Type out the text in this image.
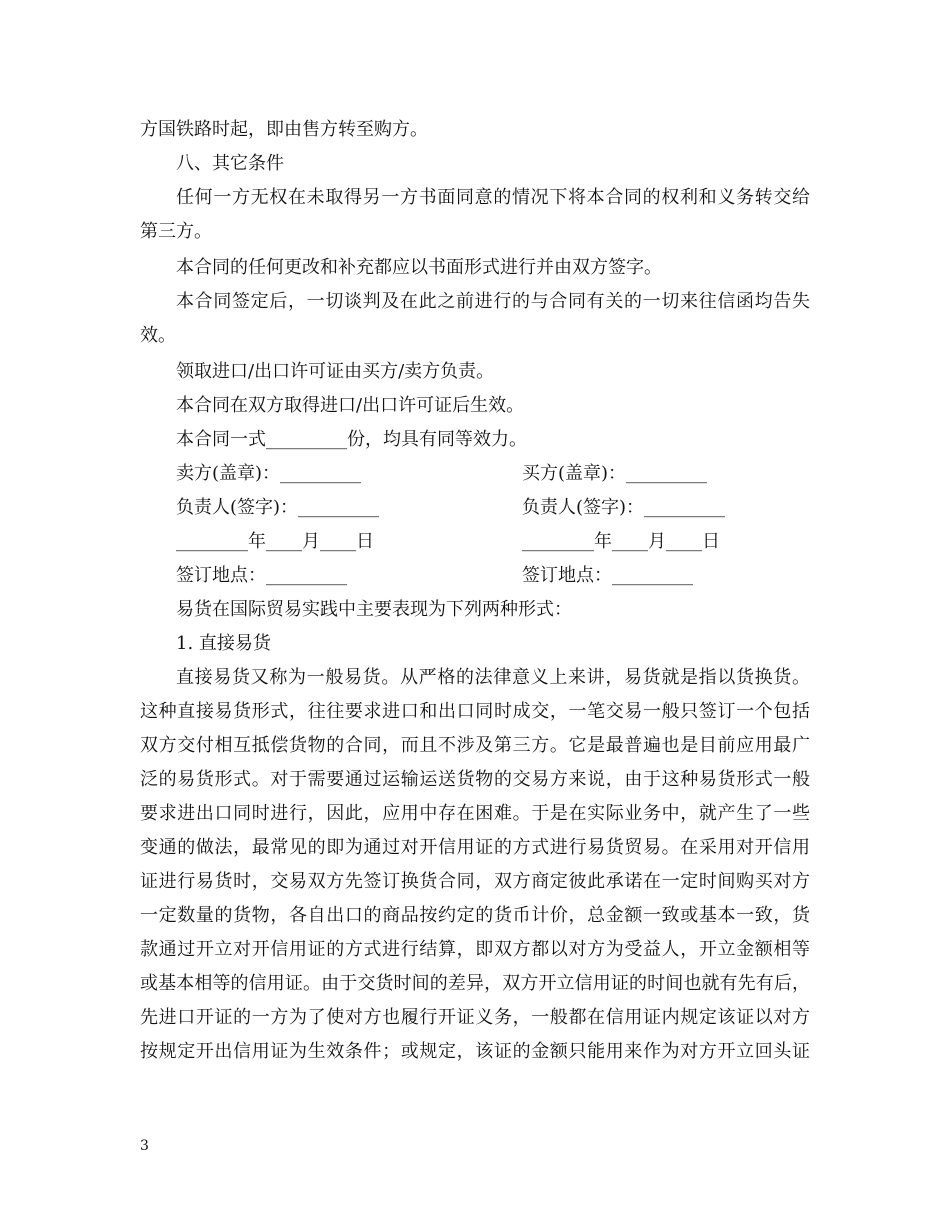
方国铁路时起，即由售方转至购方。
八、其它条件
任何一方无权在未取得另一方书面同意的情况下将本合同的权利和义务转交给
第三方。
本合同的任何更改和补充都应以书面形式进行并由双方签字。
本合同签定后，一切谈判及在此之前进行的与合同有关的一切来往信函均告失
效。
领取进口/出口许可证由买方/卖方负责。
本合同在双方取得进口/出口许可证后生效。
本合同一式_________份，均具有同等效力。
卖方(盖章)：_________	买方(盖章)：_________
负责人(签字)：_________	负责人(签字)：_________
________年____月____日	________年____月____日
签订地点：_________	签订地点：_________
易货在国际贸易实践中主要表现为下列两种形式：
1. 直接易货
直接易货又称为一般易货。从严格的法律意义上来讲，易货就是指以货换货。
这种直接易货形式，往往要求进口和出口同时成交，一笔交易一般只签订一个包括
双方交付相互抵偿货物的合同，而且不涉及第三方。它是最普遍也是目前应用最广
泛的易货形式。对于需要通过运输运送货物的交易方来说，由于这种易货形式一般
要求进出口同时进行，因此，应用中存在困难。于是在实际业务中，就产生了一些
变通的做法，最常见的即为通过对开信用证的方式进行易货贸易。在采用对开信用
证进行易货时，交易双方先签订换货合同，双方商定彼此承诺在一定时间购买对方
一定数量的货物，各自出口的商品按约定的货币计价，总金额一致或基本一致，货
款通过开立对开信用证的方式进行结算，即双方都以对方为受益人，开立金额相等
或基本相等的信用证。由于交货时间的差异，双方开立信用证的时间也就有先有后，
先进口开证的一方为了使对方也履行开证义务，一般都在信用证内规定该证以对方
按规定开出信用证为生效条件；或规定，该证的金额只能用来作为对方开立回头证
3
